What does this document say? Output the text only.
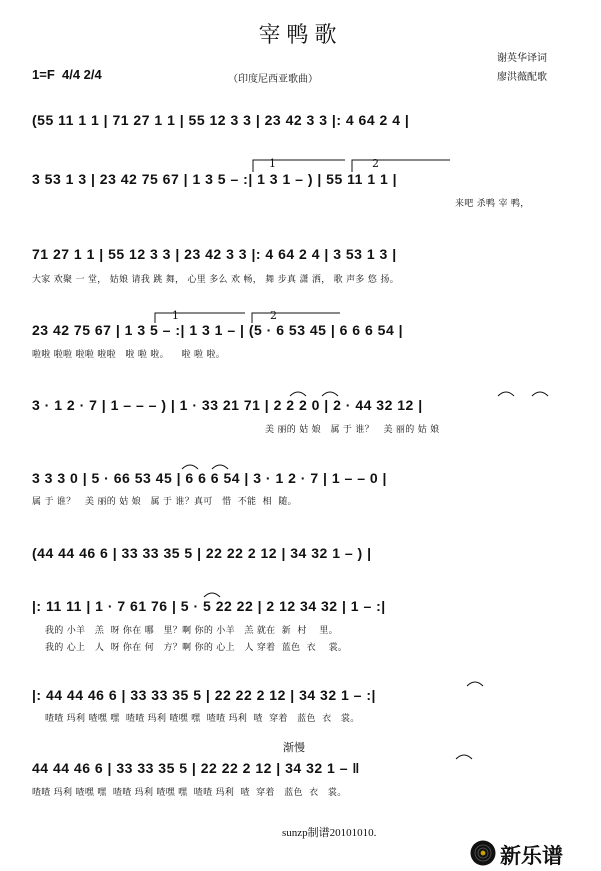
宰鸭歌
谢英华译词
廖洪薇配歌
1=F 4/4 2/4	（印度尼西亚歌曲）
(55 11 1 1 | 71 27 1 1 | 55 12 3 3 | 23 42 3 3 |: 4 64 2 4 |
3 53 1 3 | 23 42 75 67 | 1 3 5 – :| 1 3 1 – ) | 55 11 1 1 |
来吧 杀鸭 宰 鸭，
71 27 1 1 | 55 12 3 3 | 23 42 3 3 |: 4 64 2 4 | 3 53 1 3 |
大家 欢聚 一 堂， 姑娘 请我 跳 舞， 心里 多么 欢 畅， 舞 步真 潇 洒， 歌 声多 悠 扬。
23 42 75 67 | 1 3 5 – :| 1 3 1 – | (5 · 6 53 45 | 6 6 6 54 |
啦啦 啦啦 啦啦 啦啦   啦 啦 啦。    啦 啦 啦。
3 · 1 2 · 7 | 1 – – – ) | 1 · 33 21 71 | 2 2 2 0 | 2 · 44 32 12 |
美 丽的 姑 娘   属 于 谁？   美 丽的 姑 娘
3 3 3 0 | 5 · 66 53 45 | 6 6 6 54 | 3 · 1 2 · 7 | 1 – – 0 |
属 于 谁？   美 丽的 姑 娘   属 于 谁？真可   惜  不能  相  随。
(44 44 46 6 | 33 33 35 5 | 22 22 2 12 | 34 32 1 – ) |
|: 11 11 | 1 · 7 61 76 | 5 · 5 22 22 | 2 12 34 32 | 1 – :|
我的 小羊   羔  呀 你在 哪   里？啊 你的 小羊   羔 就在  新  村    里。
我的 心上   人  呀 你在 何   方？啊 你的 心上   人 穿着  蓝色  衣    裳。
|: 44 44 46 6 | 33 33 35 5 | 22 22 2 12 | 34 32 1 – :|
喳喳 玛利 喳嘿 嘿  喳喳 玛利 喳嘿 嘿  喳喳 玛利  喳  穿着   蓝色  衣   裳。
渐慢
44 44 46 6 | 33 33 35 5 | 22 22 2 12 | 34 32 1 – ‖
喳喳 玛利 喳嘿 嘿  喳喳 玛利 喳嘿 嘿  喳喳 玛利  喳  穿着   蓝色  衣   裳。
1	2
1	2
sunzp制谱20101010.
新乐谱
